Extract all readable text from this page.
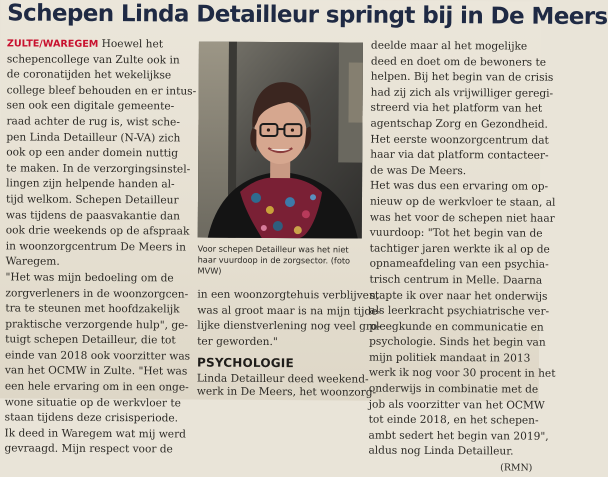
Schepen Linda Detailleur springt bij in De Meers
ZULTE/WAREGEM Hoewel het
schepencollege van Zulte ook in
de coronatijden het wekelijkse
college bleef behouden en er intus-
sen ook een digitale gemeente-
raad achter de rug is, wist sche-
pen Linda Detailleur (N-VA) zich
ook op een ander domein nuttig
te maken. In de verzorgingsinstel-
lingen zijn helpende handen al-
tijd welkom. Schepen Detailleur
was tijdens de paasvakantie dan
ook drie weekends op de afspraak
in woonzorgcentrum De Meers in
Waregem.
"Het was mijn bedoeling om de
zorgverleners in de woonzorgcen-
tra te steunen met hoofdzakelijk
praktische verzorgende hulp", ge-
tuigt schepen Detailleur, die tot
einde van 2018 ook voorzitter was
van het OCMW in Zulte. "Het was
een hele ervaring om in een onge-
wone situatie op de werkvloer te
staan tijdens deze crisisperiode.
Ik deed in Waregem wat mij werd
gevraagd. Mijn respect voor de
Voor schepen Detailleur was het niet haar vuurdoop in de zorgsector. (foto MVW)
in een woonzorgtehuis verblijven,
was al groot maar is na mijn tijde-
lijke dienstverlening nog veel gro-
ter geworden."
PSYCHOLOGIE
Linda Detailleur deed weekend-
werk in De Meers, het woonzorg-
deelde maar al het mogelijke
deed en doet om de bewoners te
helpen. Bij het begin van de crisis
had zij zich als vrijwilliger geregi-
streerd via het platform van het
agentschap Zorg en Gezondheid.
Het eerste woonzorgcentrum dat
haar via dat platform contacteer-
de was De Meers.
Het was dus een ervaring om op-
nieuw op de werkvloer te staan, al
was het voor de schepen niet haar
vuurdoop: "Tot het begin van de
tachtiger jaren werkte ik al op de
opnameafdeling van een psychia-
trisch centrum in Melle. Daarna
stapte ik over naar het onderwijs
als leerkracht psychiatrische ver-
pleegkunde en communicatie en
psychologie. Sinds het begin van
mijn politiek mandaat in 2013
werk ik nog voor 30 procent in het
onderwijs in combinatie met de
job als voorzitter van het OCMW
tot einde 2018, en het schepen-
ambt sedert het begin van 2019",
aldus nog Linda Detailleur.
(RMN)
